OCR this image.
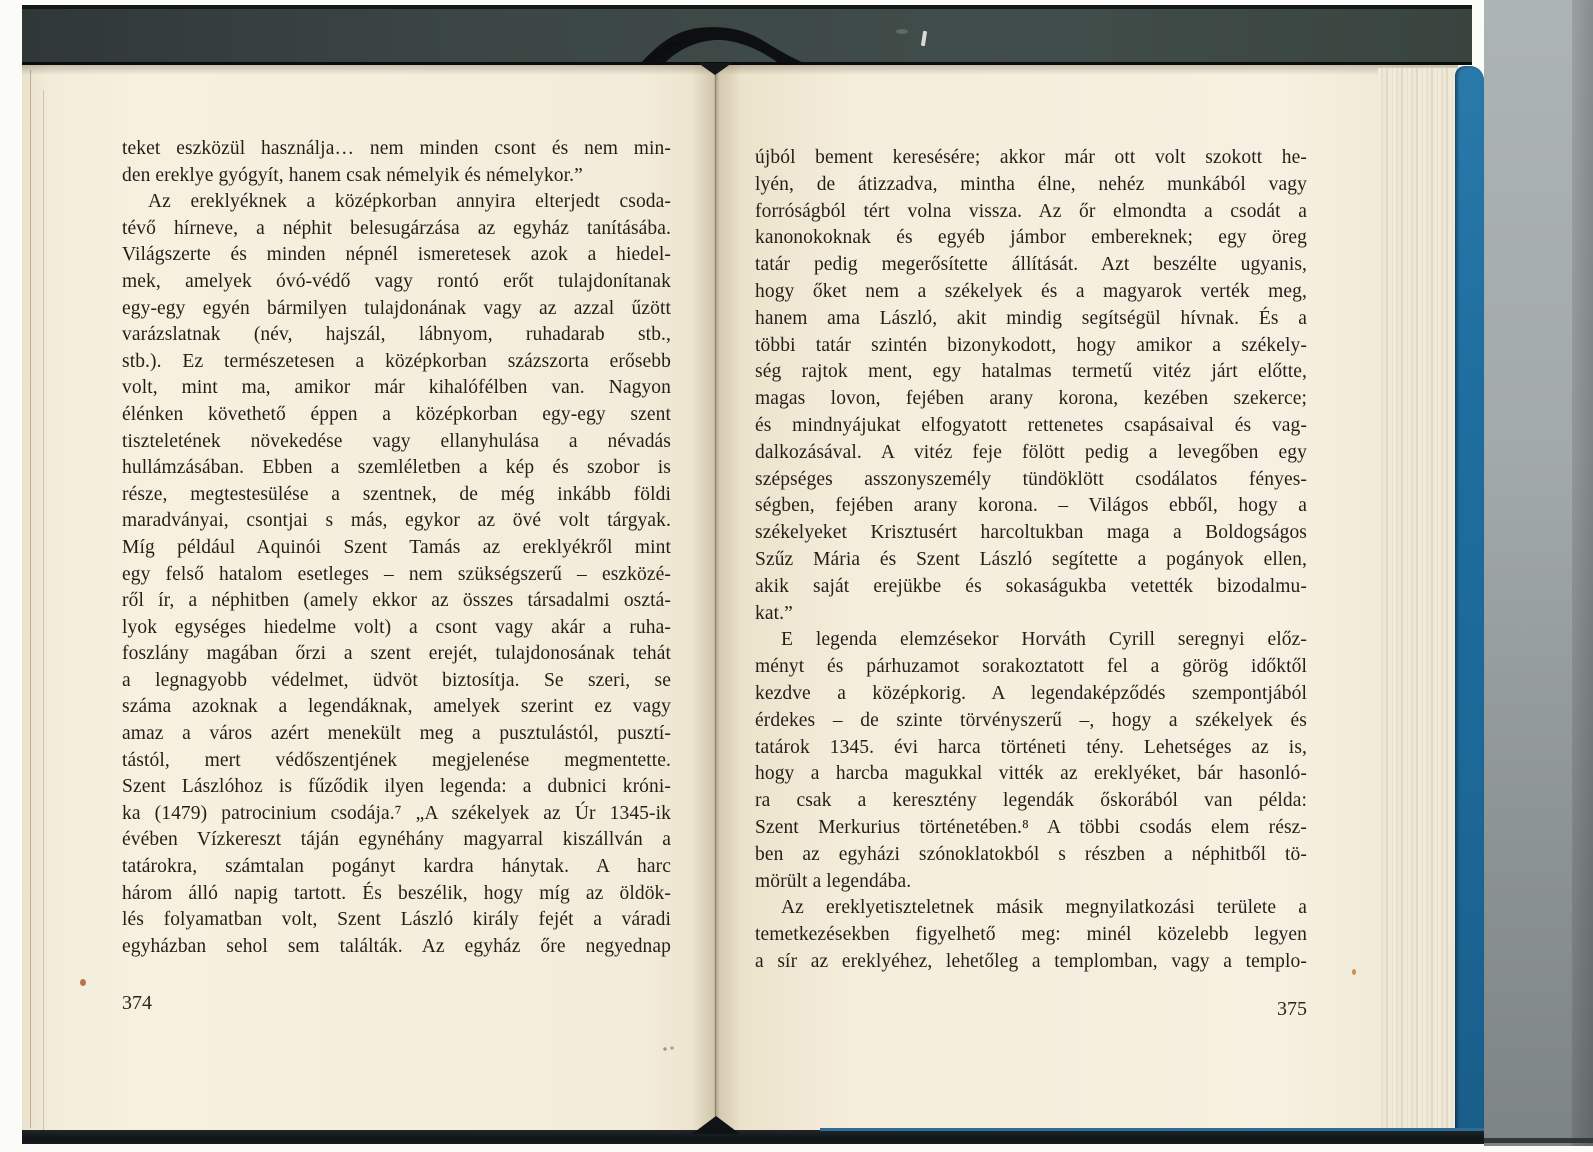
teket eszközül használja… nem minden csont és nem min-
den ereklye gyógyít, hanem csak némelyik és némelykor.”
Az ereklyéknek a középkorban annyira elterjedt csoda-
tévő hírneve, a néphit belesugárzása az egyház tanításába.
Világszerte és minden népnél ismeretesek azok a hiedel-
mek, amelyek óvó-védő vagy rontó erőt tulajdonítanak
egy-egy egyén bármilyen tulajdonának vagy az azzal űzött
varázslatnak (név, hajszál, lábnyom, ruhadarab stb.,
stb.). Ez természetesen a középkorban százszorta erősebb
volt, mint ma, amikor már kihalófélben van. Nagyon
élénken követhető éppen a középkorban egy-egy szent
tiszteletének növekedése vagy ellanyhulása a névadás
hullámzásában. Ebben a szemléletben a kép és szobor is
része, megtestesülése a szentnek, de még inkább földi
maradványai, csontjai s más, egykor az övé volt tárgyak.
Míg például Aquinói Szent Tamás az ereklyékről mint
egy felső hatalom esetleges – nem szükségszerű – eszközé-
ről ír, a néphitben (amely ekkor az összes társadalmi osztá-
lyok egységes hiedelme volt) a csont vagy akár a ruha-
foszlány magában őrzi a szent erejét, tulajdonosának tehát
a legnagyobb védelmet, üdvöt biztosítja. Se szeri, se
száma azoknak a legendáknak, amelyek szerint ez vagy
amaz a város azért menekült meg a pusztulástól, pusztí-
tástól, mert védőszentjének megjelenése megmentette.
Szent Lászlóhoz is fűződik ilyen legenda: a dubnici króni-
ka (1479) patrocinium csodája.⁷ „A székelyek az Úr 1345-ik
évében Vízkereszt táján egynéhány magyarral kiszállván a
tatárokra, számtalan pogányt kardra hánytak. A harc
három álló napig tartott. És beszélik, hogy míg az öldök-
lés folyamatban volt, Szent László király fejét a váradi
egyházban sehol sem találták. Az egyház őre negyednap
újból bement keresésére; akkor már ott volt szokott he-
lyén, de átizzadva, mintha élne, nehéz munkából vagy
forróságból tért volna vissza. Az őr elmondta a csodát a
kanonokoknak és egyéb jámbor embereknek; egy öreg
tatár pedig megerősítette állítását. Azt beszélte ugyanis,
hogy őket nem a székelyek és a magyarok verték meg,
hanem ama László, akit mindig segítségül hívnak. És a
többi tatár szintén bizonykodott, hogy amikor a székely-
ség rajtok ment, egy hatalmas termetű vitéz járt előtte,
magas lovon, fejében arany korona, kezében szekerce;
és mindnyájukat elfogyatott rettenetes csapásaival és vag-
dalkozásával. A vitéz feje fölött pedig a levegőben egy
szépséges asszonyszemély tündöklött csodálatos fényes-
ségben, fejében arany korona. – Világos ebből, hogy a
székelyeket Krisztusért harcoltukban maga a Boldogságos
Szűz Mária és Szent László segítette a pogányok ellen,
akik saját erejükbe és sokaságukba vetették bizodalmu-
kat.”
E legenda elemzésekor Horváth Cyrill seregnyi előz-
ményt és párhuzamot sorakoztatott fel a görög időktől
kezdve a középkorig. A legendaképződés szempontjából
érdekes – de szinte törvényszerű –, hogy a székelyek és
tatárok 1345. évi harca történeti tény. Lehetséges az is,
hogy a harcba magukkal vitték az ereklyéket, bár hasonló-
ra csak a keresztény legendák őskorából van példa:
Szent Merkurius történetében.⁸ A többi csodás elem rész-
ben az egyházi szónoklatokból s részben a néphitből tö-
mörült a legendába.
Az ereklyetiszteletnek másik megnyilatkozási területe a
temetkezésekben figyelhető meg: minél közelebb legyen
a sír az ereklyéhez, lehetőleg a templomban, vagy a templo-
374	375
